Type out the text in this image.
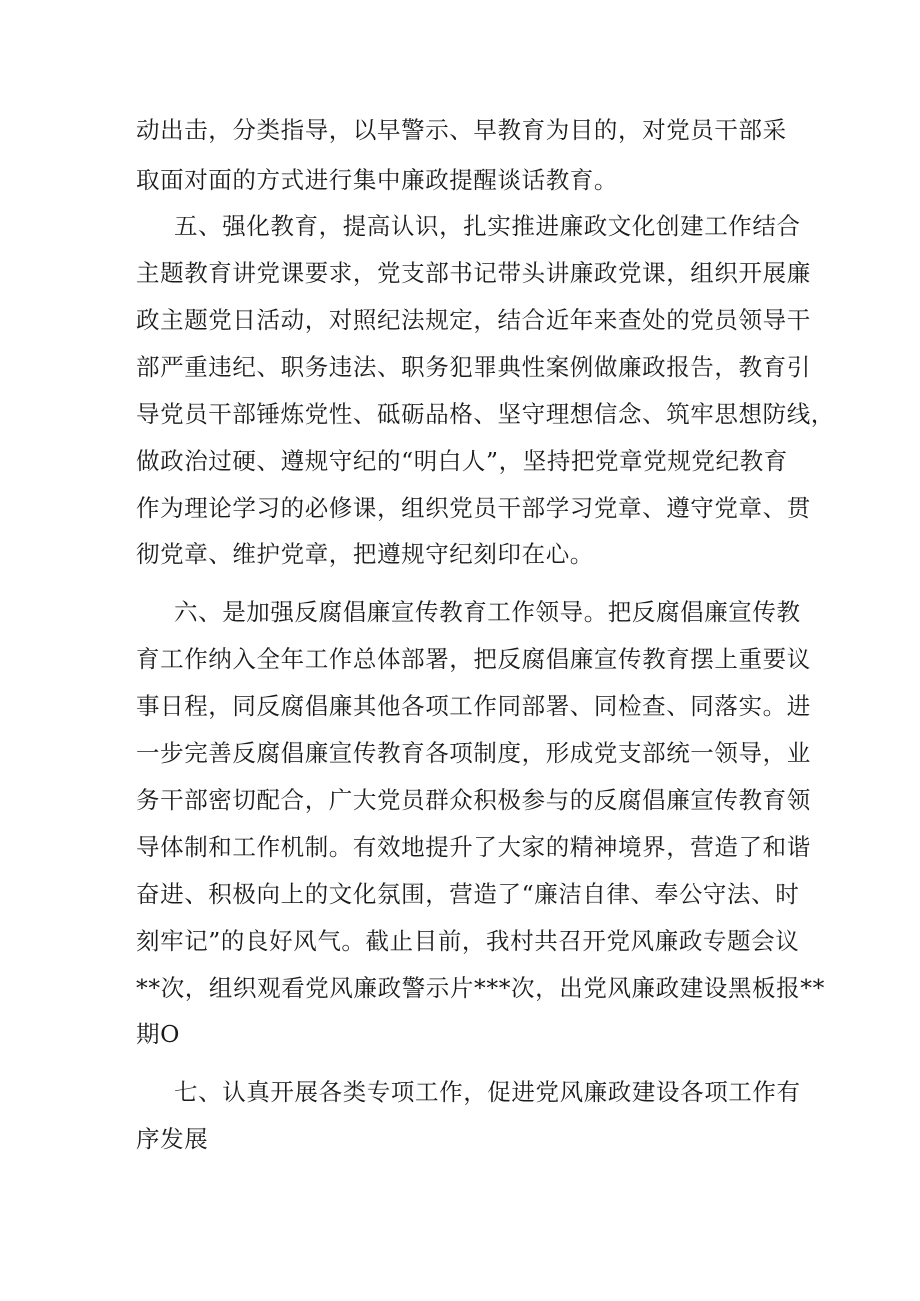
动出击，分类指导，以早警示、早教育为目的，对党员干部采
取面对面的方式进行集中廉政提醒谈话教育。
五、强化教育，提高认识，扎实推进廉政文化创建工作结合
主题教育讲党课要求，党支部书记带头讲廉政党课，组织开展廉
政主题党日活动，对照纪法规定，结合近年来查处的党员领导干
部严重违纪、职务违法、职务犯罪典性案例做廉政报告，教育引
导党员干部锤炼党性、砥砺品格、坚守理想信念、筑牢思想防线，
做政治过硬、遵规守纪的“明白人”，坚持把党章党规党纪教育
作为理论学习的必修课，组织党员干部学习党章、遵守党章、贯
彻党章、维护党章，把遵规守纪刻印在心。
六、是加强反腐倡廉宣传教育工作领导。把反腐倡廉宣传教
育工作纳入全年工作总体部署，把反腐倡廉宣传教育摆上重要议
事日程，同反腐倡廉其他各项工作同部署、同检查、同落实。进
一步完善反腐倡廉宣传教育各项制度，形成党支部统一领导，业
务干部密切配合，广大党员群众积极参与的反腐倡廉宣传教育领
导体制和工作机制。有效地提升了大家的精神境界，营造了和谐
奋进、积极向上的文化氛围，营造了“廉洁自律、奉公守法、时
刻牢记”的良好风气。截止目前，我村共召开党风廉政专题会议
**次，组织观看党风廉政警示片***次，出党风廉政建设黑板报**
期O
七、认真开展各类专项工作，促进党风廉政建设各项工作有
序发展
